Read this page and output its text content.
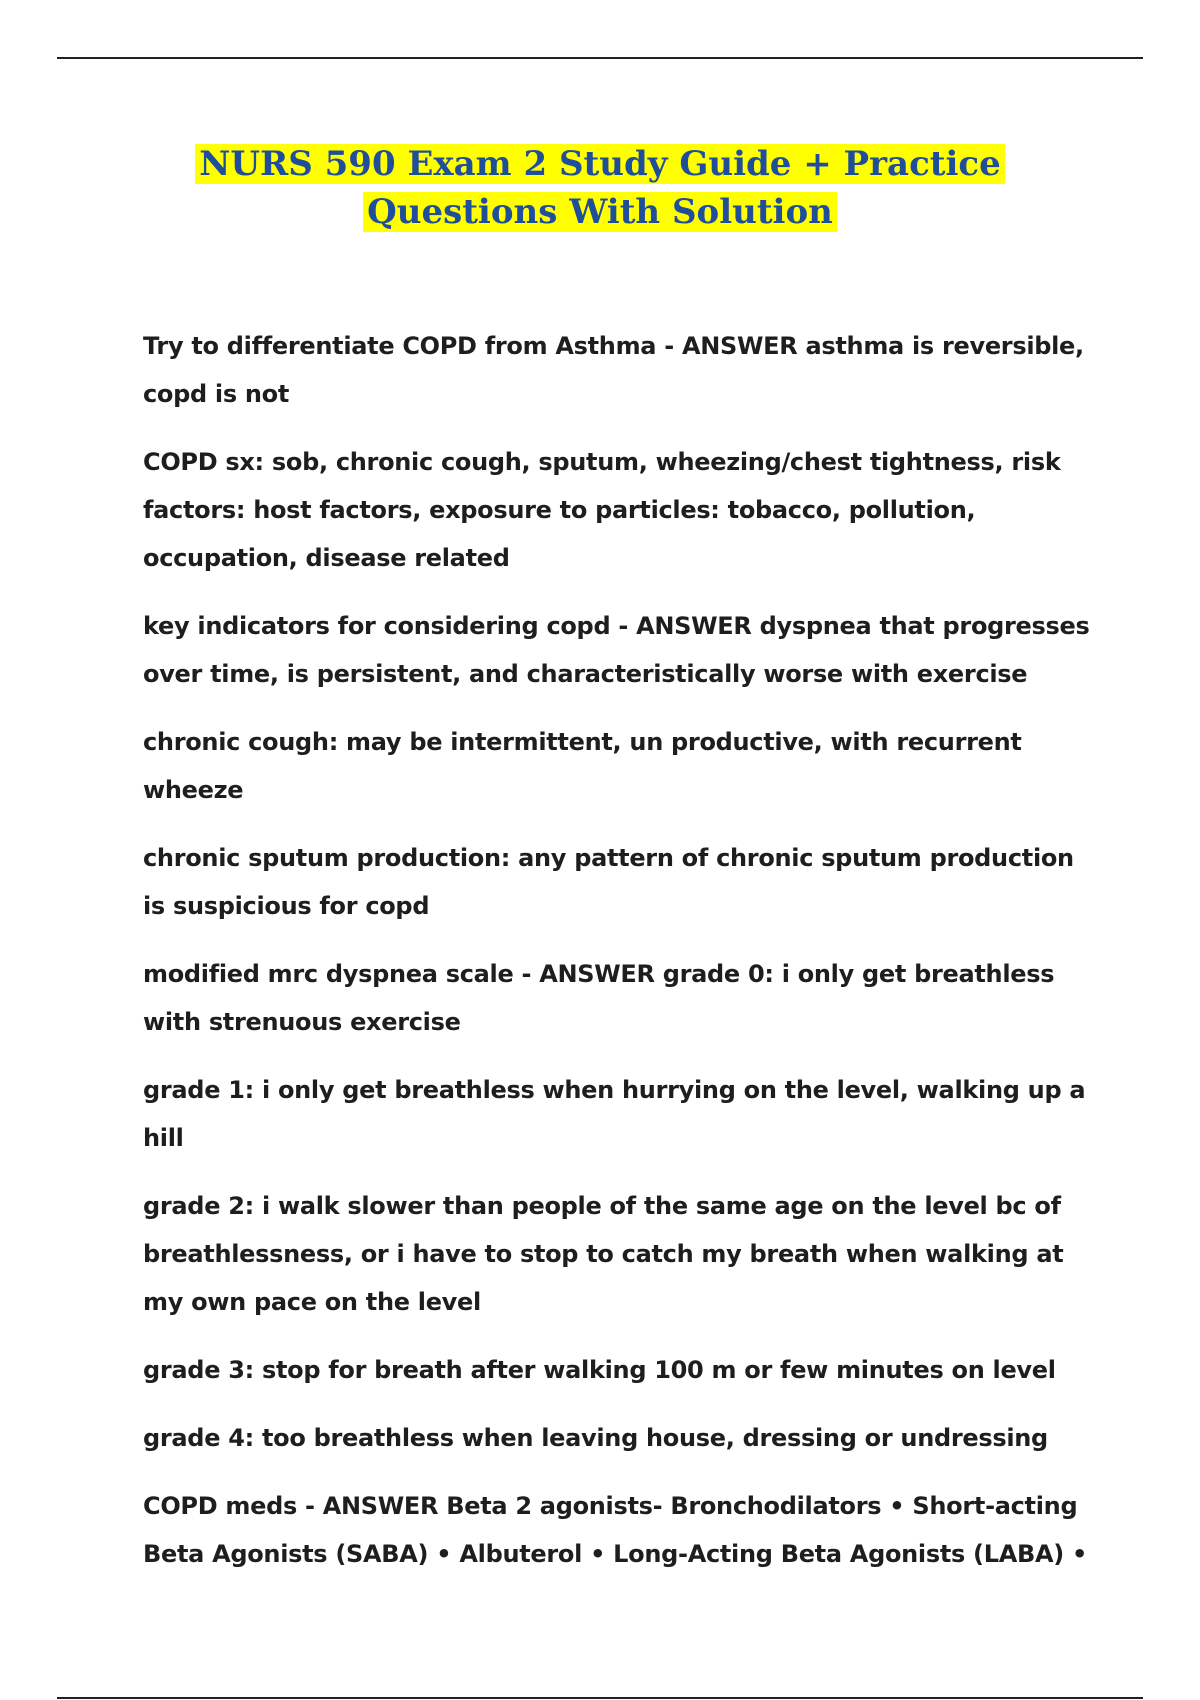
NURS 590 Exam 2 Study Guide + Practice
Questions With Solution

Try to differentiate COPD from Asthma - ANSWER asthma is reversible, copd is not

COPD sx: sob, chronic cough, sputum, wheezing/chest tightness, risk factors: host factors, exposure to particles: tobacco, pollution, occupation, disease related

key indicators for considering copd - ANSWER dyspnea that progresses over time, is persistent, and characteristically worse with exercise

chronic cough: may be intermittent, un productive, with recurrent wheeze

chronic sputum production: any pattern of chronic sputum production is suspicious for copd

modified mrc dyspnea scale - ANSWER grade 0: i only get breathless with strenuous exercise

grade 1: i only get breathless when hurrying on the level, walking up a hill

grade 2: i walk slower than people of the same age on the level bc of breathlessness, or i have to stop to catch my breath when walking at my own pace on the level

grade 3: stop for breath after walking 100 m or few minutes on level

grade 4: too breathless when leaving house, dressing or undressing

COPD meds - ANSWER Beta 2 agonists- Bronchodilators • Short-acting Beta Agonists (SABA) • Albuterol • Long-Acting Beta Agonists (LABA) •
